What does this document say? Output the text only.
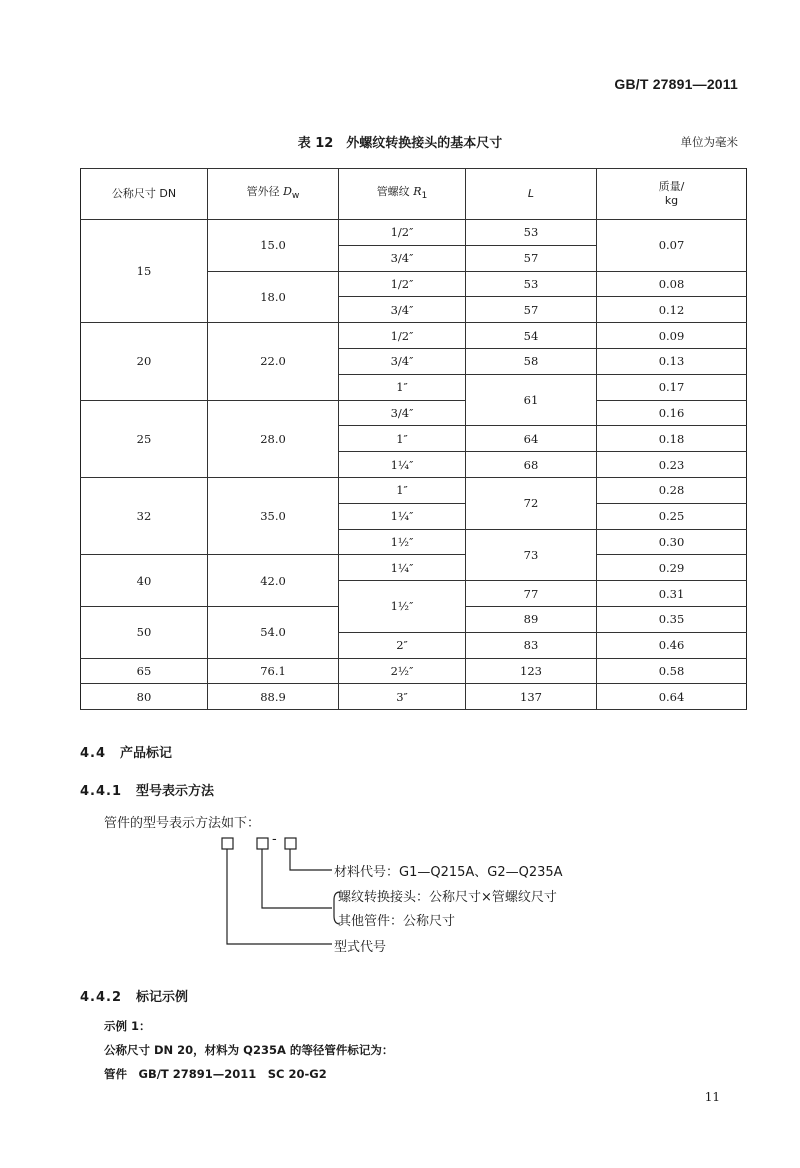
GB/T 27891—2011
表 12　外螺纹转换接头的基本尺寸	单位为毫米
公称尺寸 DN	管外径 $D_w$	管螺纹 $R_1$	L	质量/
kg
15	15.0	1/2″	53	0.07
		3/4″	57	
	18.0	1/2″	53	0.08
		3/4″	57	0.12
20	22.0	1/2″	54	0.09
		3/4″	58	0.13
		1″	61	0.17
25	28.0	3/4″		0.16
		1″	64	0.18
		1¼″	68	0.23
32	35.0	1″	72	0.28
		1¼″		0.25
		1½″	73	0.30
40	42.0	1¼″		0.29
		1½″	77	0.31
50	54.0		89	0.35
		2″	83	0.46
65	76.1	2½″	123	0.58
80	88.9	3″	137	0.64
4.4 产品标记
4.4.1 型号表示方法
管件的型号表示方法如下：
-
材料代号：G1—Q215A、G2—Q235A
螺纹转换接头：公称尺寸×管螺纹尺寸
其他管件：公称尺寸
型式代号
4.4.2 标记示例
示例 1：
公称尺寸 DN 20，材料为 Q235A 的等径管件标记为：
管件　GB/T 27891—2011　SC 20-G2
11
